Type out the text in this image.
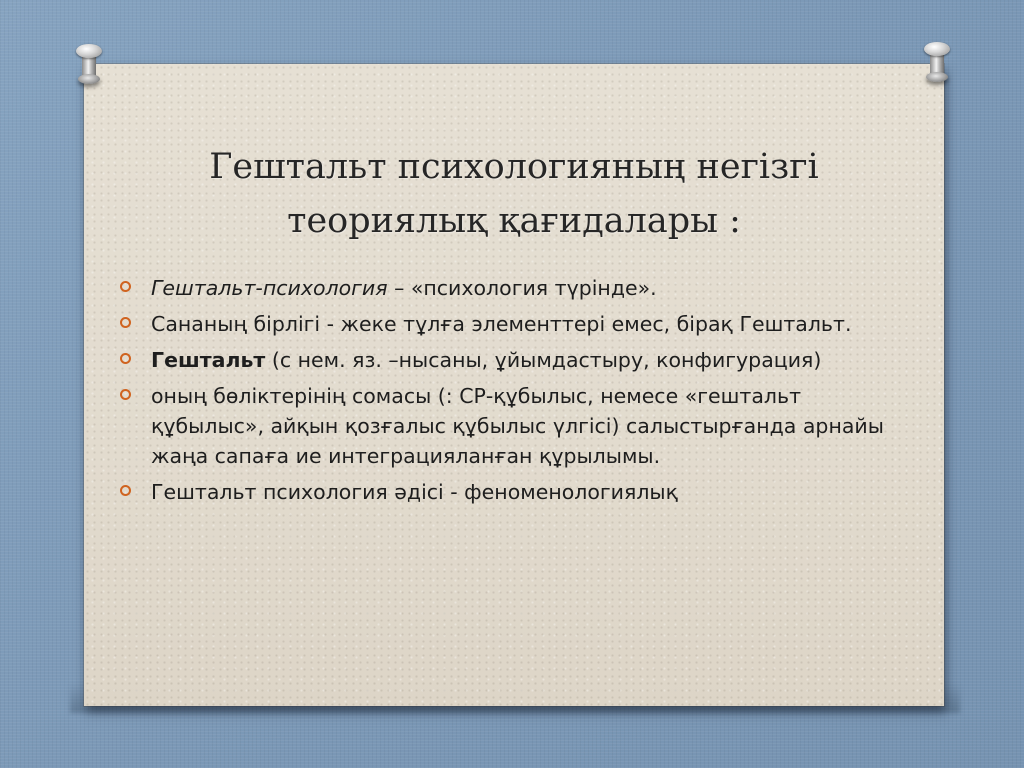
Гештальт психологияның негізгі
теориялық қағидалары :
Гештальт-психология – «психология түрінде».
Сананың бірлігі - жеке тұлға элементтері емес, бірақ Гештальт.
Гештальт (с нем. яз. –нысаны, ұйымдастыру, конфигурация)
оның бөліктерінің сомасы (: СР-құбылыс, немесе «гештальт құбылыс», айқын қозғалыс құбылыс үлгісі) салыстырғанда арнайы жаңа сапаға ие интеграцияланған құрылымы.
Гештальт психология әдісі - феноменологиялық
